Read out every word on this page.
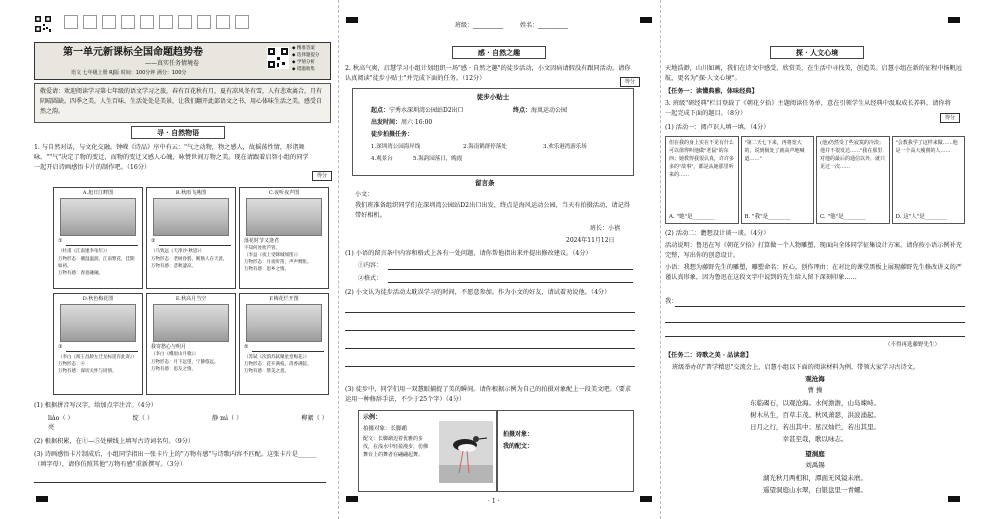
班级：__________	姓名：__________
第一单元新课标全国命题趋势卷
——真实任务情境卷
语文 七年级上册 RJ版 时间：100分钟 满分：100分
◆ 精准答案
◆ 选择题提分
◆ 学情分析
◆ 错题收集
敬爱请：欢迎阅读学习第七年级的语文学习之旅，春有百花秋有月，夏有凉风冬有雪，人有悲欢离合，月有阴晴圆缺。四季之美，人生百味，生活处处是美景，让我们翻开此部语文之书，用心体味生活之美，感受自然之韵。
寻 · 自然物语
1. 与自然对话，与文化交融。钟嵘《诗品》序中有云："气之动物，物之感人，故摇荡性情，形诸舞咏。""气"决定了物的变迁，而物的变迁又感人心魄，咏赞世间万物之美。现在请跟着启智小组的同学一起开启诗画感悟卡片的制作吧。（16分）
得分
A.旭日江畔图
①
（杜甫《江南逢李龟年》）
万物形态：潮湿温润，江南繁花，佳期如初。
万物有感：春意融融。
B.秋雨飞燕图
②
（马致远《天净沙·秋思》）
万物形态：老树昏鸦，断肠人在天涯，万物有感：悲秋凄凉。
C.夜听夜声图
落花时节又逢君
不知何处吹芦管。
（李益《夜上受降城闻笛》）
万物形态：月夜听笛，声声惆怅。
万物有感：思乡之情。
D.秋色梅花图
③
（李白《闻王昌龄左迁龙标遥有此寄》）
万物形态：④
万物有感：深切关怀与同情。
E.秋高月当空
我寄愁心与明月
（李白《峨眉山月歌》）
万物形态：月下远望，宁静悠远。
万物有感：思友之情。
F.梅花烂开图
⑤
（苏轼《次韵苏轼聚星堂梅花》）
万物形态：花开满枝，清香满院。
万物有感：赞美之意。
(1) 根据拼音写汉字，给加点字注音。（4分）
liào（ ）
亮
绽（ ）	静 mì（ ）	柳絮（ ）
(2) 根据积累，在①—⑤处横线上填写古诗词名句。（9分）
(3) 诗画感悟卡片制成后，小组同学指出一张卡片上的"万物有感"与诗歌内容不匹配。这张卡片是______（填字母），请你仿照其他"万物有感"重新撰写。（3分）
感 · 自然之趣
2. 秋高气爽，启慧学习小组计划组织一场"感 · 自然之趣"的徒步活动，小文因病请假没有跟同活动。请你认真阅读"徒步小贴士"并完成下面的任务。（12分）	得分
徒步小贴士
起点：宁秀水深圳湾公园站D2出口	终点：海岚运动公园
出发时间：周六 16:00
徒步拍摄任务：
1.深圳湾公园海岸线	2.海南鹤群停落处	3.欢乐港湾游乐场
4.观景台	5.海韵园落日，晚霞
留言条
小文：
我们班准备组织同学们在深圳湾公园站D2出口出发，终点是海风运动公园，当天有拍摄活动，请记得带好相机。
班长：小禧
2024年11月12日
(1) 小语的留言条中内容和格式上各有一处问题，请你帮他指出来并提出修改建议。（4分）
①内容：
②格式：
(2) 小文认为徒步活动太耽误学习的时间，不愿意参加。作为小文的好友，请试着劝说他。（4分）
(3) 徒步中，同学们用一双慧眼捕捉了美的瞬间。请你根据示例为自己的拍摄对象配上一段美文吧。（要求运用一种修辞手法，不少于25个字）（4分）
示例：
拍摄对象：长脚鹬
配文：长脚鹬迈着优雅的步伐，在浅水中轻盈漫步，仿佛舞台上的舞者在翩翩起舞。
拍摄对象：
我的配文：
· 1 ·
探 · 人文心境
天地浩渺，山川如画，我们在诗文中感受、欣赏美，在生活中寻找美，创造美。启慧小组在新的征程中扬帆远航，更名为"探·人文心境"。
【任务一：读懂典雅，体味经典】
3. 班级"研经典"栏目登载了《朝花夕拾》主题阅读任务单，意在引领学生从经典中汲取成长养料，请你将一起完成下面的题目。（8分）
得分
(1) 活动一：阅卢识人填一填。（4分）
但在我的身上实在不见有什么可以值得叫他做"老鼠"的东西；她教得我很认真，许许多多的"故事"，都是从她那里听来的……
A. "她"是________
"第二天七下来，再将宽大的，说到极处了就高声地喊道……"
B. "我"是________
(他)仍然受了些寂寞的冷淡；他并不很发达……"我在那里对他的最后的通信以外，就只见过一次……
C. "他"是________
"会教我学了这样来做……他是一个高大瘦削的人……
D. 这"人"是________
(2) 活动二：瞻想设计谈一谈。（4分）
活动说明：鲁迅在写《朝花夕拾》打算做一个人物雕塑，现面向全体同学征集设计方案。请你按小语示例补充完整，写出你的创意设计。
小语：我想为藤野先生的雕塑，雕塑命名：匠心。创作理由：在对比的课堂黑板上展现藤野先生修改讲义的严谨认真形象，因为鲁迅在这段文字中说到的先生给人留下深刻印象……
我：
（不得再选藤野先生）
【任务二：诗歌之美 · 品读意】
班级举办的"普学精思"交流会上，启慧小组以下面的阅读材料为例，带领大家学习古诗文。
观沧海
曹 操
东临碣石，以观沧海。水何澹澹，山岛竦峙。
树木丛生，百草丰茂。秋风萧瑟，洪波涌起。
日月之行，若出其中；星汉灿烂，若出其里。
幸甚至哉，歌以咏志。
望洞庭
刘禹锡
湖光秋月两相和，潭面无风镜未磨。
遥望洞庭山水翠，白银盘里一青螺。
